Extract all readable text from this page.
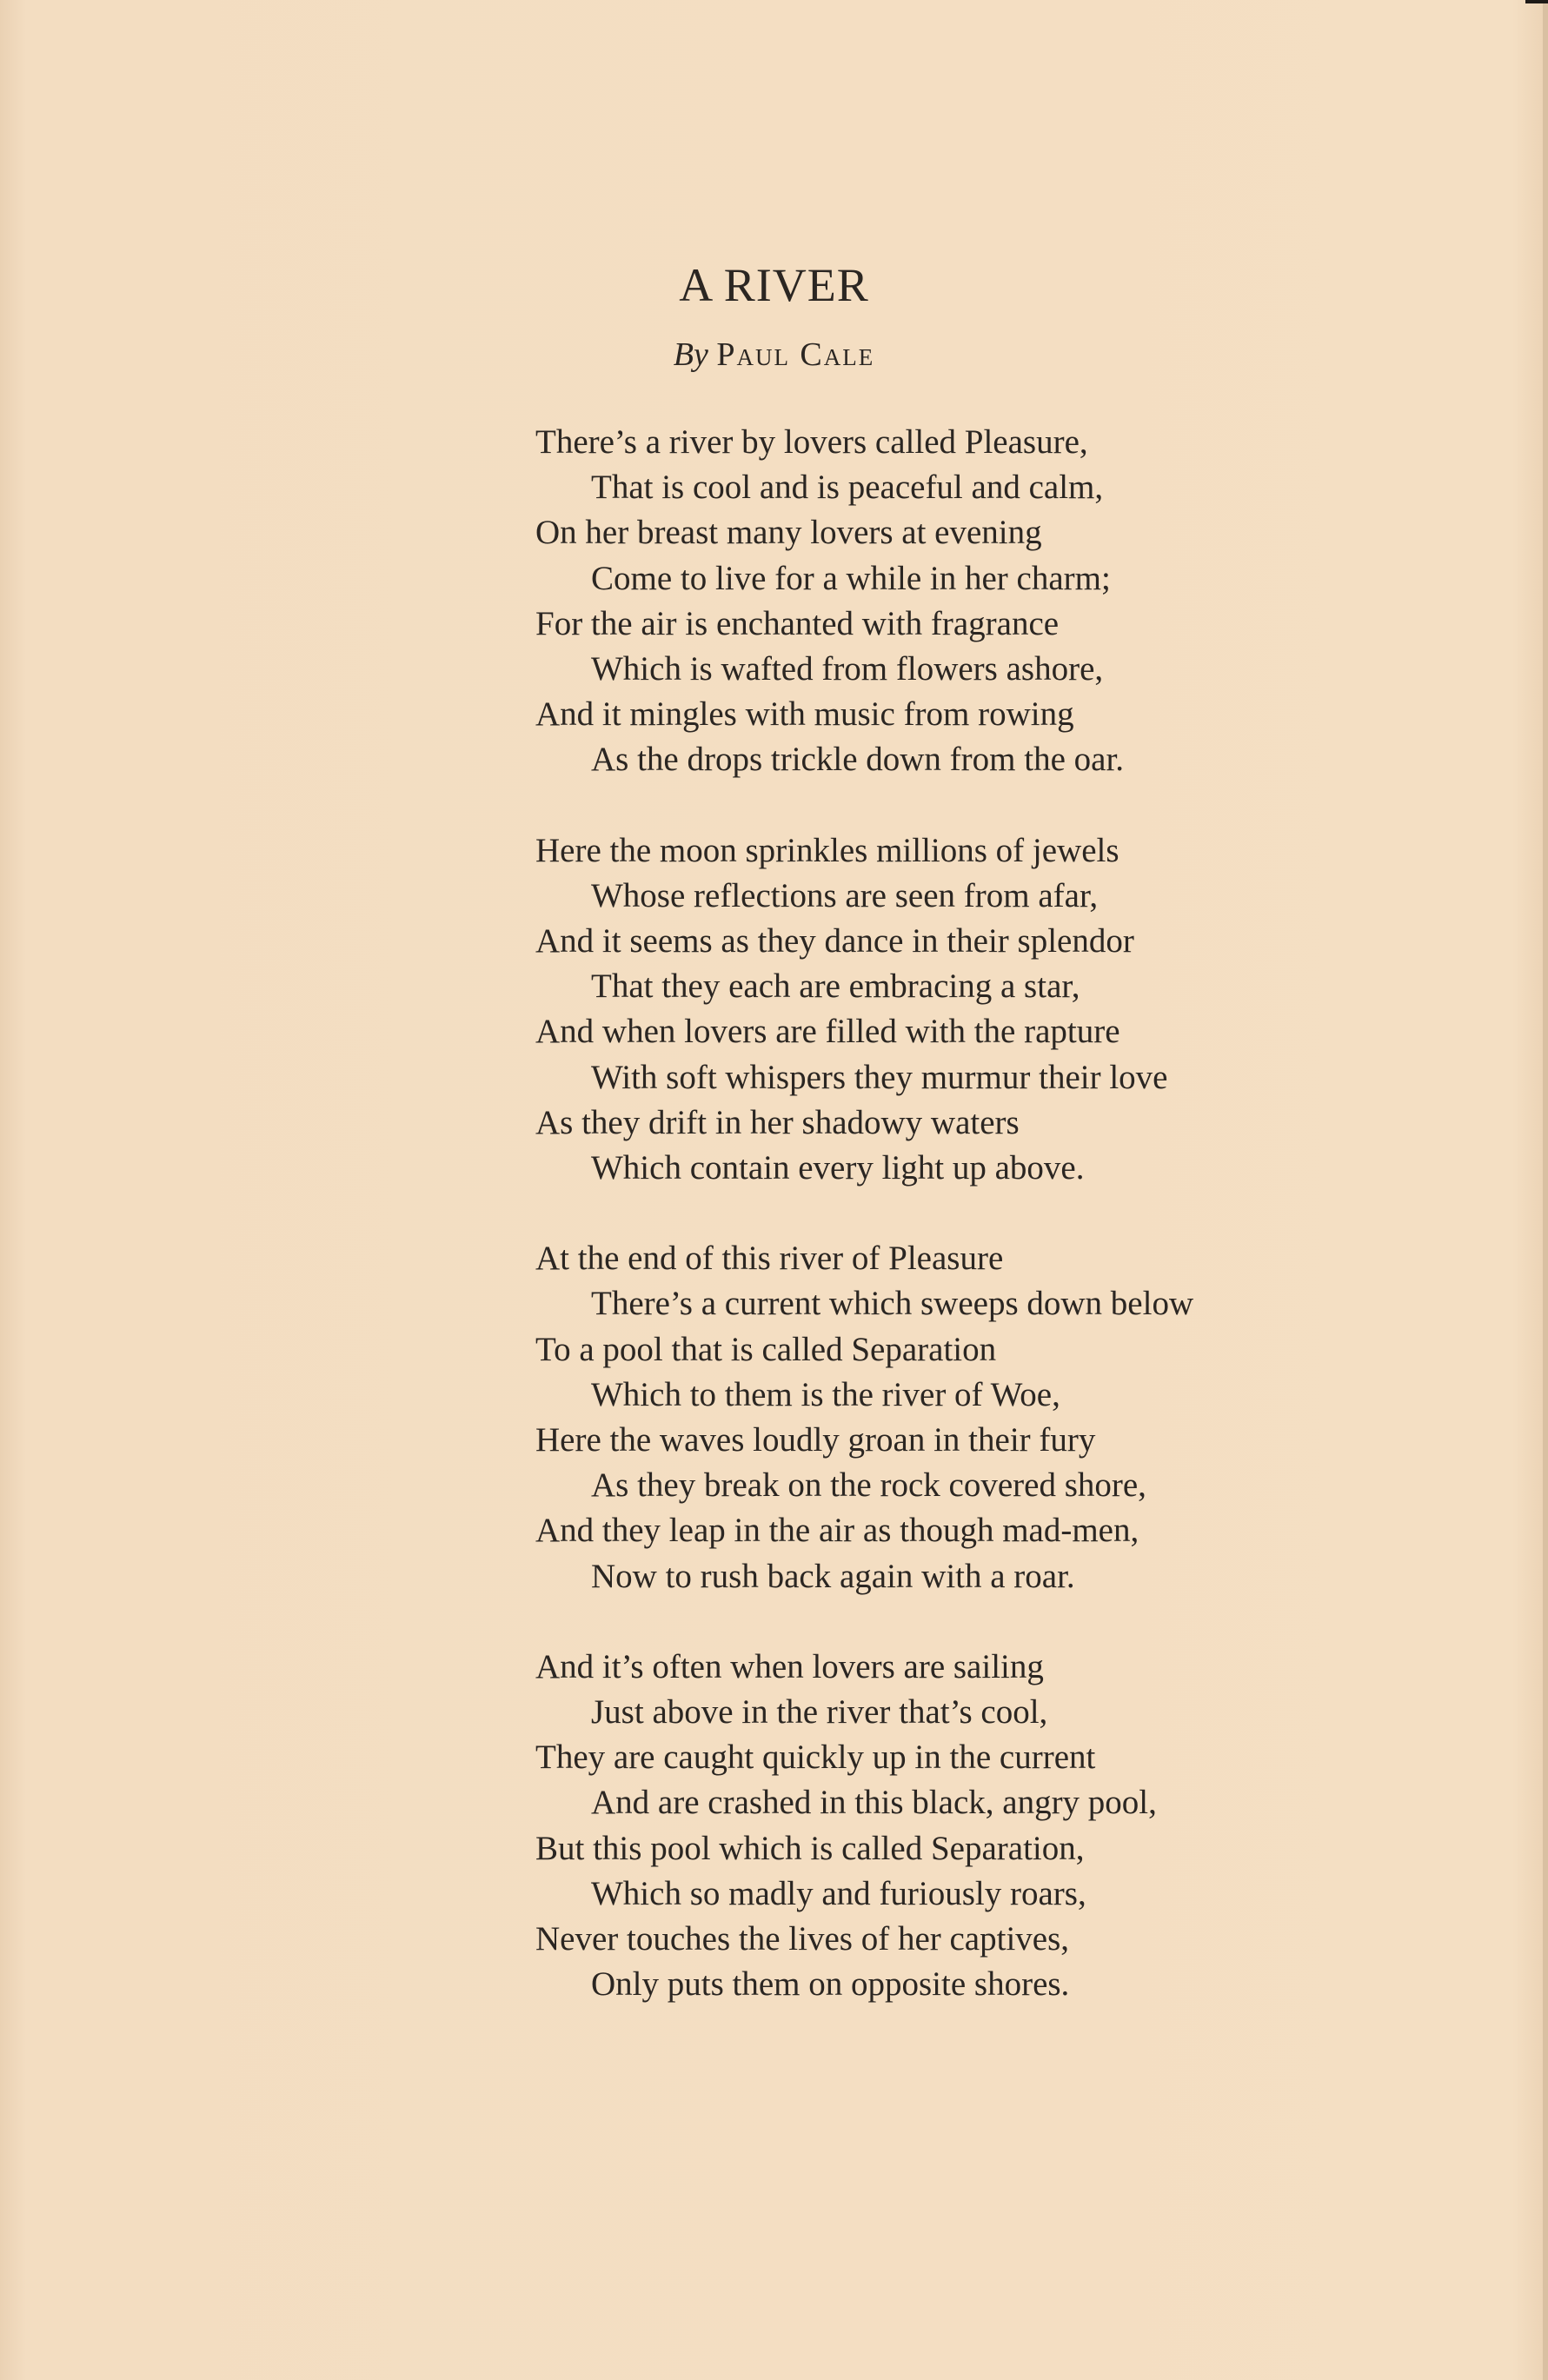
A RIVER
By Paul Cale
There’s a river by lovers called Pleasure,
That is cool and is peaceful and calm,
On her breast many lovers at evening
Come to live for a while in her charm;
For the air is enchanted with fragrance
Which is wafted from flowers ashore,
And it mingles with music from rowing
As the drops trickle down from the oar.
Here the moon sprinkles millions of jewels
Whose reflections are seen from afar,
And it seems as they dance in their splendor
That they each are embracing a star,
And when lovers are filled with the rapture
With soft whispers they murmur their love
As they drift in her shadowy waters
Which contain every light up above.
At the end of this river of Pleasure
There’s a current which sweeps down below
To a pool that is called Separation
Which to them is the river of Woe,
Here the waves loudly groan in their fury
As they break on the rock covered shore,
And they leap in the air as though mad-men,
Now to rush back again with a roar.
And it’s often when lovers are sailing
Just above in the river that’s cool,
They are caught quickly up in the current
And are crashed in this black, angry pool,
But this pool which is called Separation,
Which so madly and furiously roars,
Never touches the lives of her captives,
Only puts them on opposite shores.
